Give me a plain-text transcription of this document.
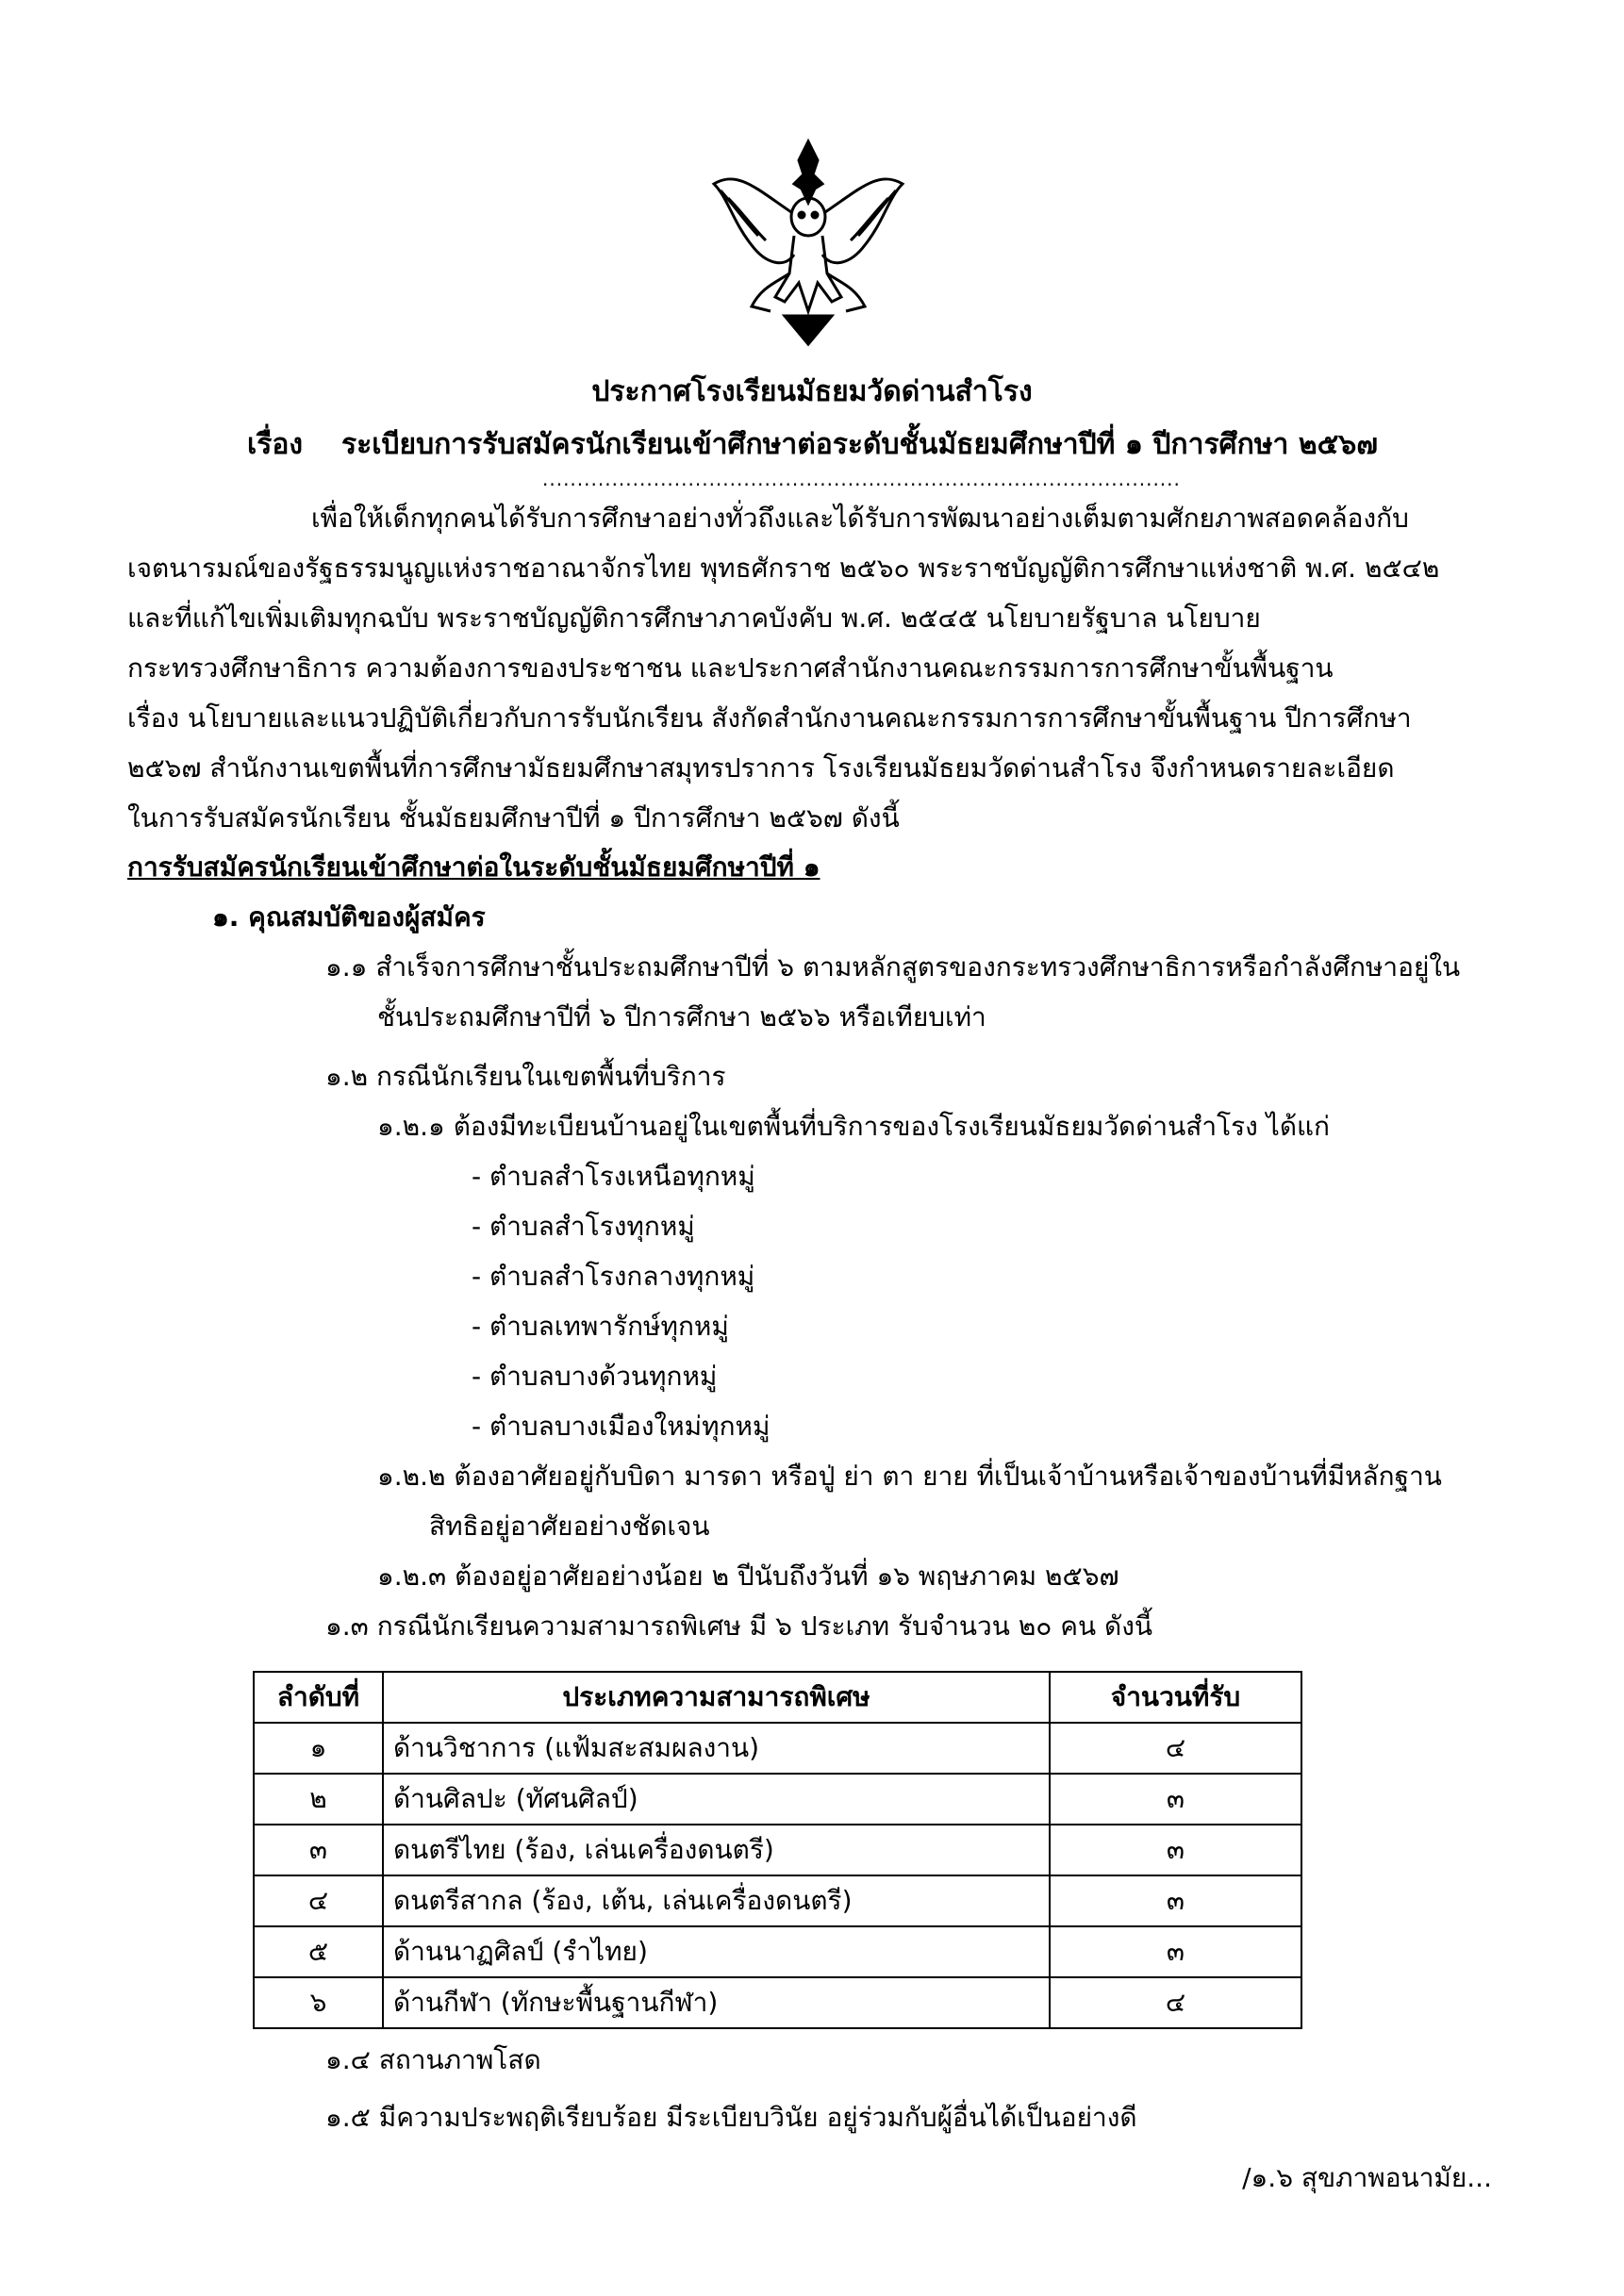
ประกาศโรงเรียนมัธยมวัดด่านสำโรง
เรื่อง ระเบียบการรับสมัครนักเรียนเข้าศึกษาต่อระดับชั้นมัธยมศึกษาปีที่ ๑ ปีการศึกษา ๒๕๖๗
............................................................................................
เพื่อให้เด็กทุกคนได้รับการศึกษาอย่างทั่วถึงและได้รับการพัฒนาอย่างเต็มตามศักยภาพสอดคล้องกับ
เจตนารมณ์ของรัฐธรรมนูญแห่งราชอาณาจักรไทย พุทธศักราช ๒๕๖๐ พระราชบัญญัติการศึกษาแห่งชาติ พ.ศ. ๒๕๔๒
และที่แก้ไขเพิ่มเติมทุกฉบับ พระราชบัญญัติการศึกษาภาคบังคับ พ.ศ. ๒๕๔๕ นโยบายรัฐบาล นโยบาย
กระทรวงศึกษาธิการ ความต้องการของประชาชน และประกาศสำนักงานคณะกรรมการการศึกษาขั้นพื้นฐาน
เรื่อง นโยบายและแนวปฏิบัติเกี่ยวกับการรับนักเรียน สังกัดสำนักงานคณะกรรมการการศึกษาขั้นพื้นฐาน ปีการศึกษา
๒๕๖๗ สำนักงานเขตพื้นที่การศึกษามัธยมศึกษาสมุทรปราการ โรงเรียนมัธยมวัดด่านสำโรง จึงกำหนดรายละเอียด
ในการรับสมัครนักเรียน ชั้นมัธยมศึกษาปีที่ ๑ ปีการศึกษา ๒๕๖๗ ดังนี้
การรับสมัครนักเรียนเข้าศึกษาต่อในระดับชั้นมัธยมศึกษาปีที่ ๑
๑. คุณสมบัติของผู้สมัคร
๑.๑ สำเร็จการศึกษาชั้นประถมศึกษาปีที่ ๖ ตามหลักสูตรของกระทรวงศึกษาธิการหรือกำลังศึกษาอยู่ใน
ชั้นประถมศึกษาปีที่ ๖ ปีการศึกษา ๒๕๖๖ หรือเทียบเท่า
๑.๒ กรณีนักเรียนในเขตพื้นที่บริการ
๑.๒.๑ ต้องมีทะเบียนบ้านอยู่ในเขตพื้นที่บริการของโรงเรียนมัธยมวัดด่านสำโรง ได้แก่
- ตำบลสำโรงเหนือทุกหมู่
- ตำบลสำโรงทุกหมู่
- ตำบลสำโรงกลางทุกหมู่
- ตำบลเทพารักษ์ทุกหมู่
- ตำบลบางด้วนทุกหมู่
- ตำบลบางเมืองใหม่ทุกหมู่
๑.๒.๒ ต้องอาศัยอยู่กับบิดา มารดา หรือปู่ ย่า ตา ยาย ที่เป็นเจ้าบ้านหรือเจ้าของบ้านที่มีหลักฐาน
สิทธิอยู่อาศัยอย่างชัดเจน
๑.๒.๓ ต้องอยู่อาศัยอย่างน้อย ๒ ปีนับถึงวันที่ ๑๖ พฤษภาคม ๒๕๖๗
๑.๓ กรณีนักเรียนความสามารถพิเศษ มี ๖ ประเภท รับจำนวน ๒๐ คน ดังนี้
ลำดับที่	ประเภทความสามารถพิเศษ	จำนวนที่รับ
๑	ด้านวิชาการ (แฟ้มสะสมผลงาน)	๔
๒	ด้านศิลปะ (ทัศนศิลป์)	๓
๓	ดนตรีไทย (ร้อง, เล่นเครื่องดนตรี)	๓
๔	ดนตรีสากล (ร้อง, เต้น, เล่นเครื่องดนตรี)	๓
๕	ด้านนาฏศิลป์ (รำไทย)	๓
๖	ด้านกีฬา (ทักษะพื้นฐานกีฬา)	๔
๑.๔ สถานภาพโสด
๑.๕ มีความประพฤติเรียบร้อย มีระเบียบวินัย อยู่ร่วมกับผู้อื่นได้เป็นอย่างดี
/๑.๖ สุขภาพอนามัย...
